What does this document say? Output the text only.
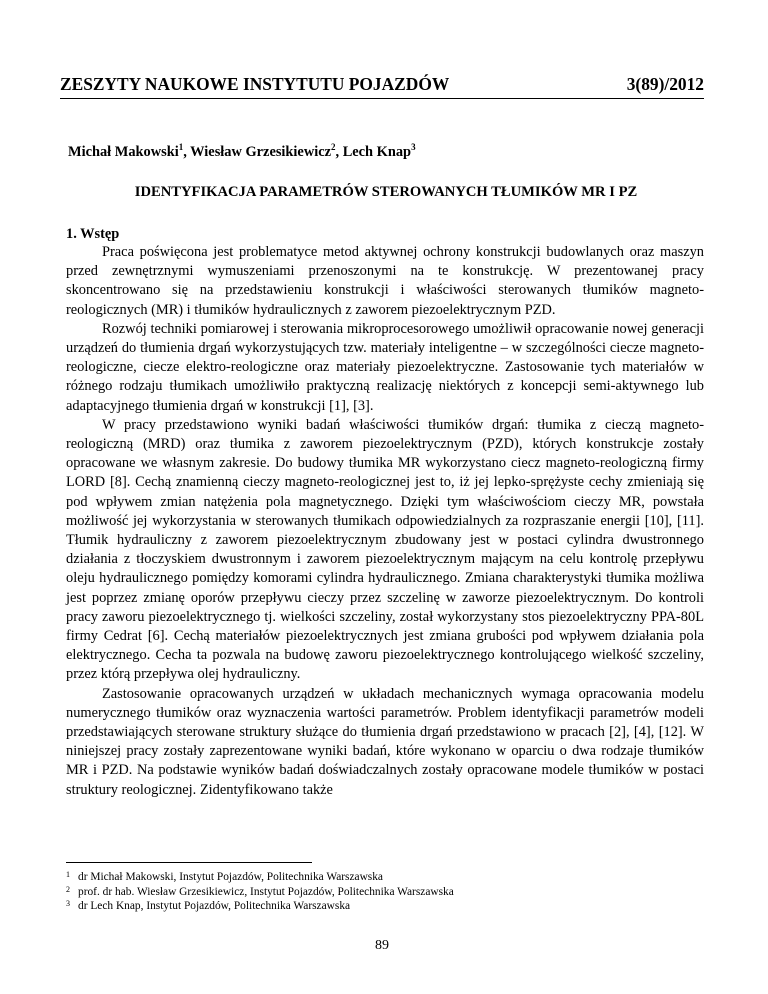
ZESZYTY NAUKOWE INSTYTUTU POJAZDÓW	3(89)/2012
Michał Makowski$^1$, Wiesław Grzesikiewicz$^2$, Lech Knap$^3$
IDENTYFIKACJA PARAMETRÓW STEROWANYCH TŁUMIKÓW MR I PZ
1. Wstęp

Praca poświęcona jest problematyce metod aktywnej ochrony konstrukcji budowlanych oraz maszyn przed zewnętrznymi wymuszeniami przenoszonymi na te konstrukcję. W prezentowanej pracy skoncentrowano się na przedstawieniu konstrukcji i właściwości sterowanych tłumików magneto-reologicznych (MR) i tłumików hydraulicznych z zaworem piezoelektrycznym PZD.

Rozwój techniki pomiarowej i sterowania mikroprocesorowego umożliwił opracowanie nowej generacji urządzeń do tłumienia drgań wykorzystujących tzw. materiały inteligentne – w szczególności ciecze magneto-reologiczne, ciecze elektro-reologiczne oraz materiały piezoelektryczne. Zastosowanie tych materiałów w różnego rodzaju tłumikach umożliwiło praktyczną realizację niektórych z koncepcji semi-aktywnego lub adaptacyjnego tłumienia drgań w konstrukcji [1], [3].

W pracy przedstawiono wyniki badań właściwości tłumików drgań: tłumika z cieczą magneto-reologiczną (MRD) oraz tłumika z zaworem piezoelektrycznym (PZD), których konstrukcje zostały opracowane we własnym zakresie. Do budowy tłumika MR wykorzystano ciecz magneto-reologiczną firmy LORD [8]. Cechą znamienną cieczy magneto-reologicznej jest to, iż jej lepko-sprężyste cechy zmieniają się pod wpływem zmian natężenia pola magnetycznego. Dzięki tym właściwościom cieczy MR, powstała możliwość jej wykorzystania w sterowanych tłumikach odpowiedzialnych za rozpraszanie energii [10], [11]. Tłumik hydrauliczny z zaworem piezoelektrycznym zbudowany jest w postaci cylindra dwustronnego działania z tłoczyskiem dwustronnym i zaworem piezoelektrycznym mającym na celu kontrolę przepływu oleju hydraulicznego pomiędzy komorami cylindra hydraulicznego. Zmiana charakterystyki tłumika możliwa jest poprzez zmianę oporów przepływu cieczy przez szczelinę w zaworze piezoelektrycznym. Do kontroli pracy zaworu piezoelektrycznego tj. wielkości szczeliny, został wykorzystany stos piezoelektryczny PPA-80L firmy Cedrat [6]. Cechą materiałów piezoelektrycznych jest zmiana grubości pod wpływem działania pola elektrycznego. Cecha ta pozwala na budowę zaworu piezoelektrycznego kontrolującego wielkość szczeliny, przez którą przepływa olej hydrauliczny.

Zastosowanie opracowanych urządzeń w układach mechanicznych wymaga opracowania modelu numerycznego tłumików oraz wyznaczenia wartości parametrów. Problem identyfikacji parametrów modeli przedstawiających sterowane struktury służące do tłumienia drgań przedstawiono w pracach [2], [4], [12]. W niniejszej pracy zostały zaprezentowane wyniki badań, które wykonano w oparciu o dwa rodzaje tłumików MR i PZD. Na podstawie wyników badań doświadczalnych zostały opracowane modele tłumików w postaci struktury reologicznej. Zidentyfikowano także

1 dr Michał Makowski, Instytut Pojazdów, Politechnika Warszawska
2 prof. dr hab. Wiesław Grzesikiewicz, Instytut Pojazdów, Politechnika Warszawska
3 dr Lech Knap, Instytut Pojazdów, Politechnika Warszawska
89
